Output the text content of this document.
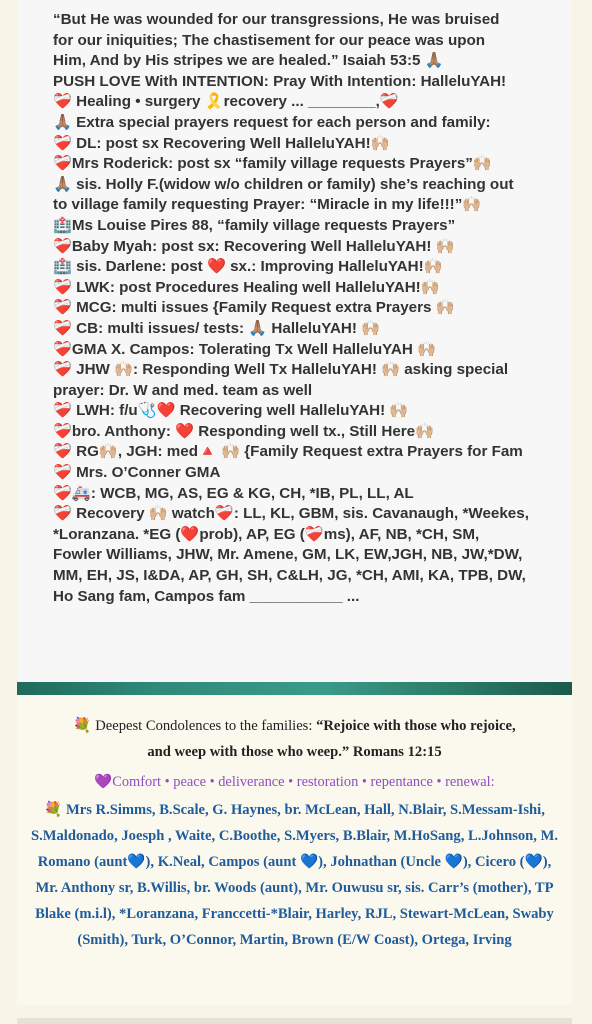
“But He was wounded for our transgressions, He was bruised
for our iniquities; The chastisement for our peace was upon
Him, And by His stripes we are healed.” Isaiah 53:5 🙏🏽
PUSH LOVE With INTENTION: Pray With Intention: HalleluYAH!
❤️‍🩹 Healing • surgery 🎗️recovery ... ________,❤️‍🩹
🙏🏽 Extra special prayers request for each person and family:
❤️‍🩹 DL: post sx Recovering Well HalleluYAH!🙌🏼
❤️‍🩹Mrs Roderick: post sx “family village requests Prayers”🙌🏼
🙏🏽 sis. Holly F.(widow w/o children or family) she’s reaching out
to village family requesting Prayer: “Miracle in my life!!!”🙌🏼
🏥Ms Louise Pires 88, “family village requests Prayers”
❤️‍🩹Baby Myah: post sx: Recovering Well HalleluYAH! 🙌🏼
🏥 sis. Darlene: post ❤️ sx.: Improving HalleluYAH!🙌🏼
❤️‍🩹 LWK: post Procedures Healing well HalleluYAH!🙌🏼
❤️‍🩹 MCG: multi issues {Family Request extra Prayers 🙌🏼
❤️‍🩹 CB: multi issues/ tests: 🙏🏽 HalleluYAH! 🙌🏼
❤️‍🩹GMA X. Campos: Tolerating Tx Well HalleluYAH 🙌🏼
❤️‍🩹 JHW 🙌🏼: Responding Well Tx HalleluYAH! 🙌🏼 asking special
prayer: Dr. W and med. team as well
❤️‍🩹 LWH: f/u🩺❤️ Recovering well HalleluYAH! 🙌🏼
❤️‍🩹bro. Anthony: ❤️ Responding well tx., Still Here🙌🏼
❤️‍🩹 RG🙌🏼, JGH: med🔺 🙌🏼 {Family Request extra Prayers for Fam
❤️‍🩹 Mrs. O’Conner GMA
❤️‍🩹🚑: WCB, MG, AS, EG & KG, CH, *IB, PL, LL, AL
❤️‍🩹 Recovery 🙌🏼 watch❤️‍🩹: LL, KL, GBM, sis. Cavanaugh, *Weekes,
*Loranzana. *EG (❤️prob), AP, EG (❤️‍🩹ms), AF, NB, *CH, SM,
Fowler Williams, JHW, Mr. Amene, GM, LK, EW,JGH, NB, JW,*DW,
MM, EH, JS, I&DA, AP, GH, SH, C&LH, JG, *CH, AMI, KA, TPB, DW,
Ho Sang fam, Campos fam ___________ ...
💐 Deepest Condolences to the families: “Rejoice with those who rejoice,
and weep with those who weep.” Romans 12:15
💜Comfort • peace • deliverance • restoration • repentance • renewal:
💐 Mrs R.Simms, B.Scale, G. Haynes, br. McLean, Hall, N.Blair, S.Messam-Ishi, S.Maldonado, Joesph , Waite, C.Boothe, S.Myers, B.Blair, M.HoSang, L.Johnson, M. Romano (aunt💙), K.Neal, Campos (aunt 💙), Johnathan (Uncle 💙), Cicero (💙), Mr. Anthony sr, B.Willis, br. Woods (aunt), Mr. Ouwusu sr, sis. Carr’s (mother), TP Blake (m.i.l), *Loranzana, Franccetti-*Blair, Harley, RJL, Stewart-McLean, Swaby (Smith), Turk, O’Connor, Martin, Brown (E/W Coast), Ortega, Irving
